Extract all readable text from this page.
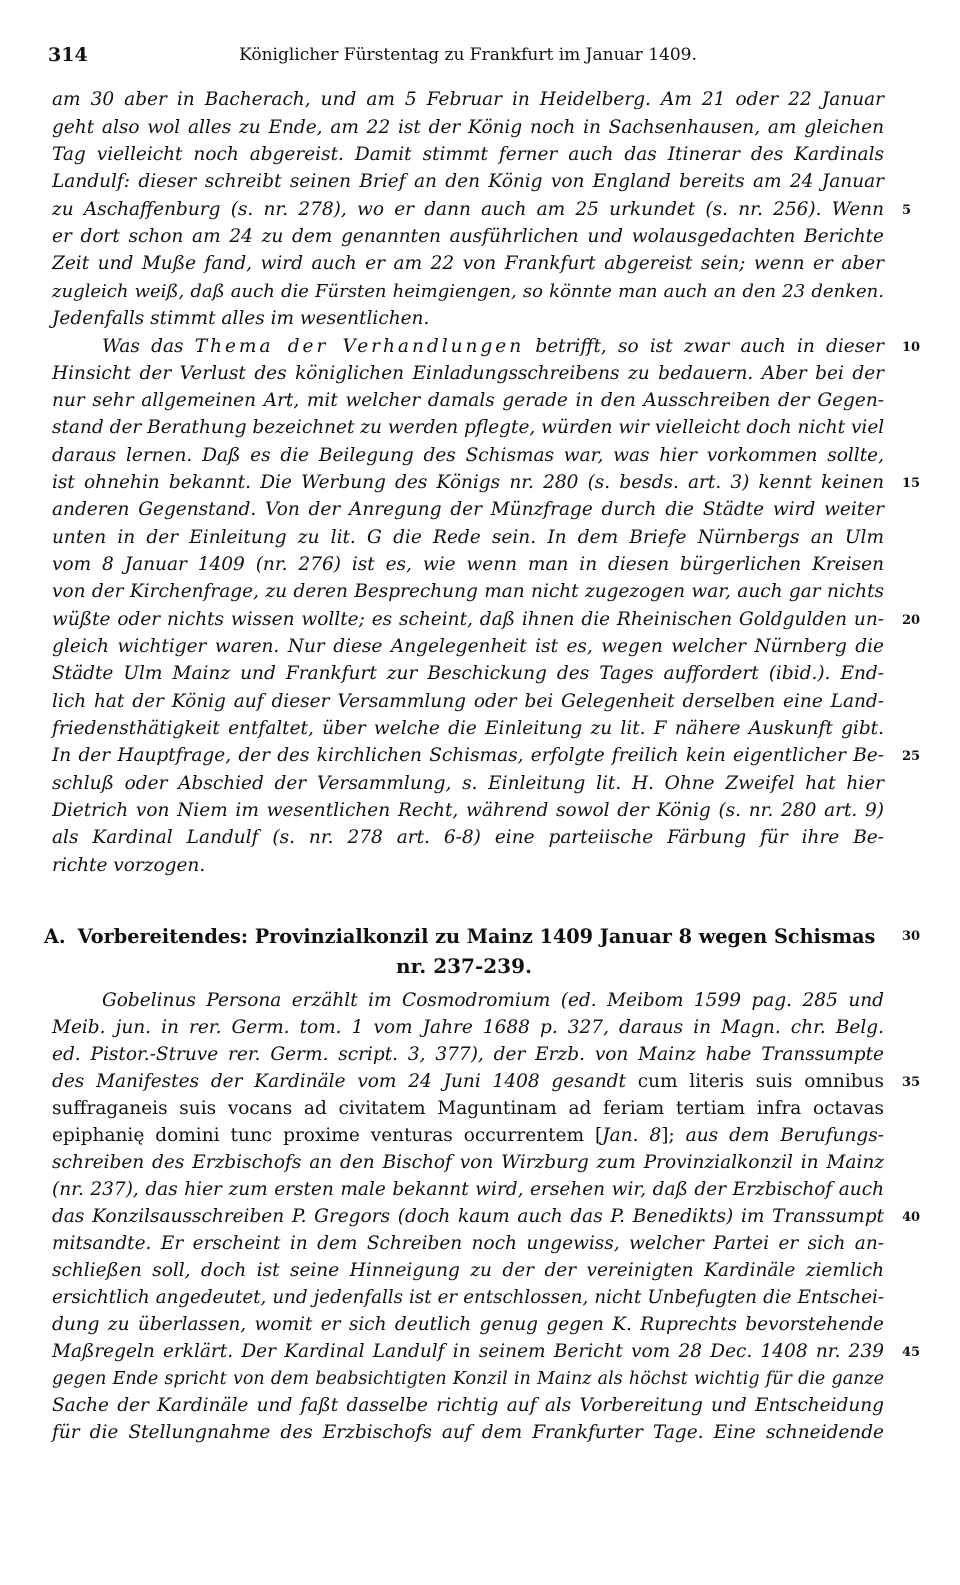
314	Königlicher Fürstentag zu Frankfurt im Januar 1409.
am 30 aber in Bacherach, und am 5 Februar in Heidelberg. Am 21 oder 22 Januar
geht also wol alles zu Ende, am 22 ist der König noch in Sachsenhausen, am gleichen
Tag vielleicht noch abgereist. Damit stimmt ferner auch das Itinerar des Kardinals
Landulf: dieser schreibt seinen Brief an den König von England bereits am 24 Januar
zu Aschaffenburg (s. nr. 278), wo er dann auch am 25 urkundet (s. nr. 256). Wenn
er dort schon am 24 zu dem genannten ausführlichen und wolausgedachten Berichte
Zeit und Muße fand, wird auch er am 22 von Frankfurt abgereist sein; wenn er aber
zugleich weiß, daß auch die Fürsten heimgiengen, so könnte man auch an den 23 denken.
Jedenfalls stimmt alles im wesentlichen.
Was das Thema der Verhandlungen betrifft, so ist zwar auch in dieser
Hinsicht der Verlust des königlichen Einladungsschreibens zu bedauern. Aber bei der
nur sehr allgemeinen Art, mit welcher damals gerade in den Ausschreiben der Gegen-
stand der Berathung bezeichnet zu werden pflegte, würden wir vielleicht doch nicht viel
daraus lernen. Daß es die Beilegung des Schismas war, was hier vorkommen sollte,
ist ohnehin bekannt. Die Werbung des Königs nr. 280 (s. besds. art. 3) kennt keinen
anderen Gegenstand. Von der Anregung der Münzfrage durch die Städte wird weiter
unten in der Einleitung zu lit. G die Rede sein. In dem Briefe Nürnbergs an Ulm
vom 8 Januar 1409 (nr. 276) ist es, wie wenn man in diesen bürgerlichen Kreisen
von der Kirchenfrage, zu deren Besprechung man nicht zugezogen war, auch gar nichts
wüßte oder nichts wissen wollte; es scheint, daß ihnen die Rheinischen Goldgulden un-
gleich wichtiger waren. Nur diese Angelegenheit ist es, wegen welcher Nürnberg die
Städte Ulm Mainz und Frankfurt zur Beschickung des Tages auffordert (ibid.). End-
lich hat der König auf dieser Versammlung oder bei Gelegenheit derselben eine Land-
friedensthätigkeit entfaltet, über welche die Einleitung zu lit. F nähere Auskunft gibt.
In der Hauptfrage, der des kirchlichen Schismas, erfolgte freilich kein eigentlicher Be-
schluß oder Abschied der Versammlung, s. Einleitung lit. H. Ohne Zweifel hat hier
Dietrich von Niem im wesentlichen Recht, während sowol der König (s. nr. 280 art. 9)
als Kardinal Landulf (s. nr. 278 art. 6-8) eine parteiische Färbung für ihre Be-
richte vorzogen.
A. Vorbereitendes: Provinzialkonzil zu Mainz 1409 Januar 8 wegen Schismas
nr. 237-239.
Gobelinus Persona erzählt im Cosmodromium (ed. Meibom 1599 pag. 285 und
Meib. jun. in rer. Germ. tom. 1 vom Jahre 1688 p. 327, daraus in Magn. chr. Belg.
ed. Pistor.-Struve rer. Germ. script. 3, 377), der Erzb. von Mainz habe Transsumpte
des Manifestes der Kardinäle vom 24 Juni 1408 gesandt cum literis suis omnibus
suffraganeis suis vocans ad civitatem Maguntinam ad feriam tertiam infra octavas
epiphanię domini tunc proxime venturas occurrentem [Jan. 8]; aus dem Berufungs-
schreiben des Erzbischofs an den Bischof von Wirzburg zum Provinzialkonzil in Mainz
(nr. 237), das hier zum ersten male bekannt wird, ersehen wir, daß der Erzbischof auch
das Konzilsausschreiben P. Gregors (doch kaum auch das P. Benedikts) im Transsumpt
mitsandte. Er erscheint in dem Schreiben noch ungewiss, welcher Partei er sich an-
schließen soll, doch ist seine Hinneigung zu der der vereinigten Kardinäle ziemlich
ersichtlich angedeutet, und jedenfalls ist er entschlossen, nicht Unbefugten die Entschei-
dung zu überlassen, womit er sich deutlich genug gegen K. Ruprechts bevorstehende
Maßregeln erklärt. Der Kardinal Landulf in seinem Bericht vom 28 Dec. 1408 nr. 239
gegen Ende spricht von dem beabsichtigten Konzil in Mainz als höchst wichtig für die ganze
Sache der Kardinäle und faßt dasselbe richtig auf als Vorbereitung und Entscheidung
für die Stellungnahme des Erzbischofs auf dem Frankfurter Tage. Eine schneidende
5
10
15
20
25
30
35
40
45
